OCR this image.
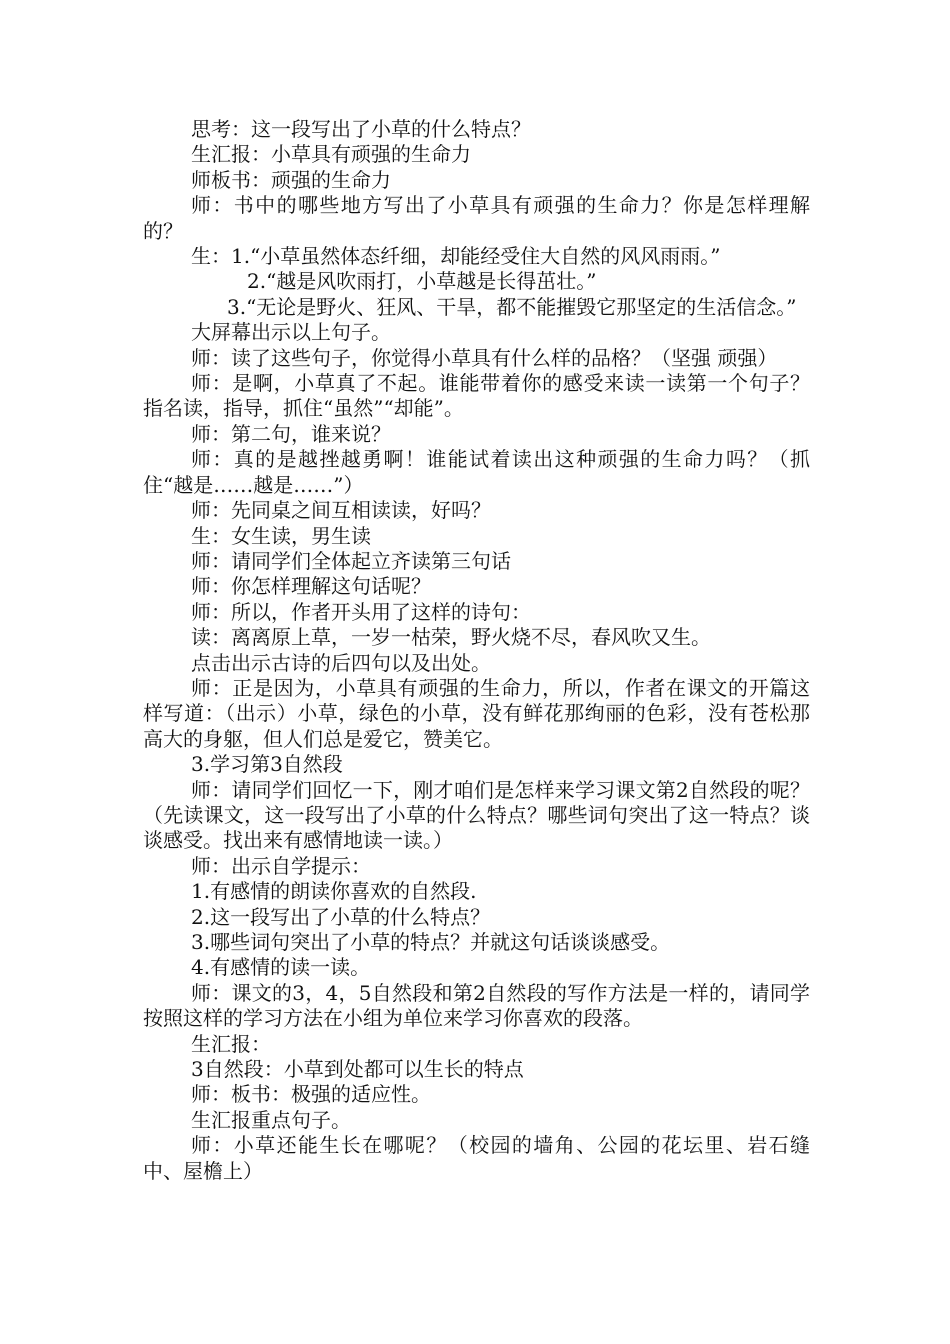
思考：这一段写出了小草的什么特点？

生汇报：小草具有顽强的生命力

师板书：顽强的生命力

师：书中的哪些地方写出了小草具有顽强的生命力？你是怎样理解的？

生：1.“小草虽然体态纤细，却能经受住大自然的风风雨雨。”

2.“越是风吹雨打，小草越是长得茁壮。”

3.“无论是野火、狂风、干旱，都不能摧毁它那坚定的生活信念。”

大屏幕出示以上句子。

师：读了这些句子，你觉得小草具有什么样的品格？（坚强 顽强）

师：是啊，小草真了不起。谁能带着你的感受来读一读第一个句子？指名读，指导，抓住“虽然”“却能”。

师：第二句，谁来说？

师：真的是越挫越勇啊！谁能试着读出这种顽强的生命力吗？（抓住“越是……越是……”）

师：先同桌之间互相读读，好吗？

生：女生读，男生读

师：请同学们全体起立齐读第三句话

师：你怎样理解这句话呢？

师：所以，作者开头用了这样的诗句：

读：离离原上草，一岁一枯荣，野火烧不尽，春风吹又生。

点击出示古诗的后四句以及出处。

师：正是因为，小草具有顽强的生命力，所以，作者在课文的开篇这样写道：（出示）小草，绿色的小草，没有鲜花那绚丽的色彩，没有苍松那高大的身躯，但人们总是爱它，赞美它。

3.学习第3自然段

师：请同学们回忆一下，刚才咱们是怎样来学习课文第2自然段的呢？（先读课文，这一段写出了小草的什么特点？哪些词句突出了这一特点？谈谈感受。找出来有感情地读一读。）

师：出示自学提示：

1.有感情的朗读你喜欢的自然段.

2.这一段写出了小草的什么特点？

3.哪些词句突出了小草的特点？并就这句话谈谈感受。

4.有感情的读一读。

师：课文的3，4，5自然段和第2自然段的写作方法是一样的，请同学按照这样的学习方法在小组为单位来学习你喜欢的段落。

生汇报：

3自然段：小草到处都可以生长的特点

师：板书：极强的适应性。

生汇报重点句子。

师：小草还能生长在哪呢？（校园的墙角、公园的花坛里、岩石缝中、屋檐上）
